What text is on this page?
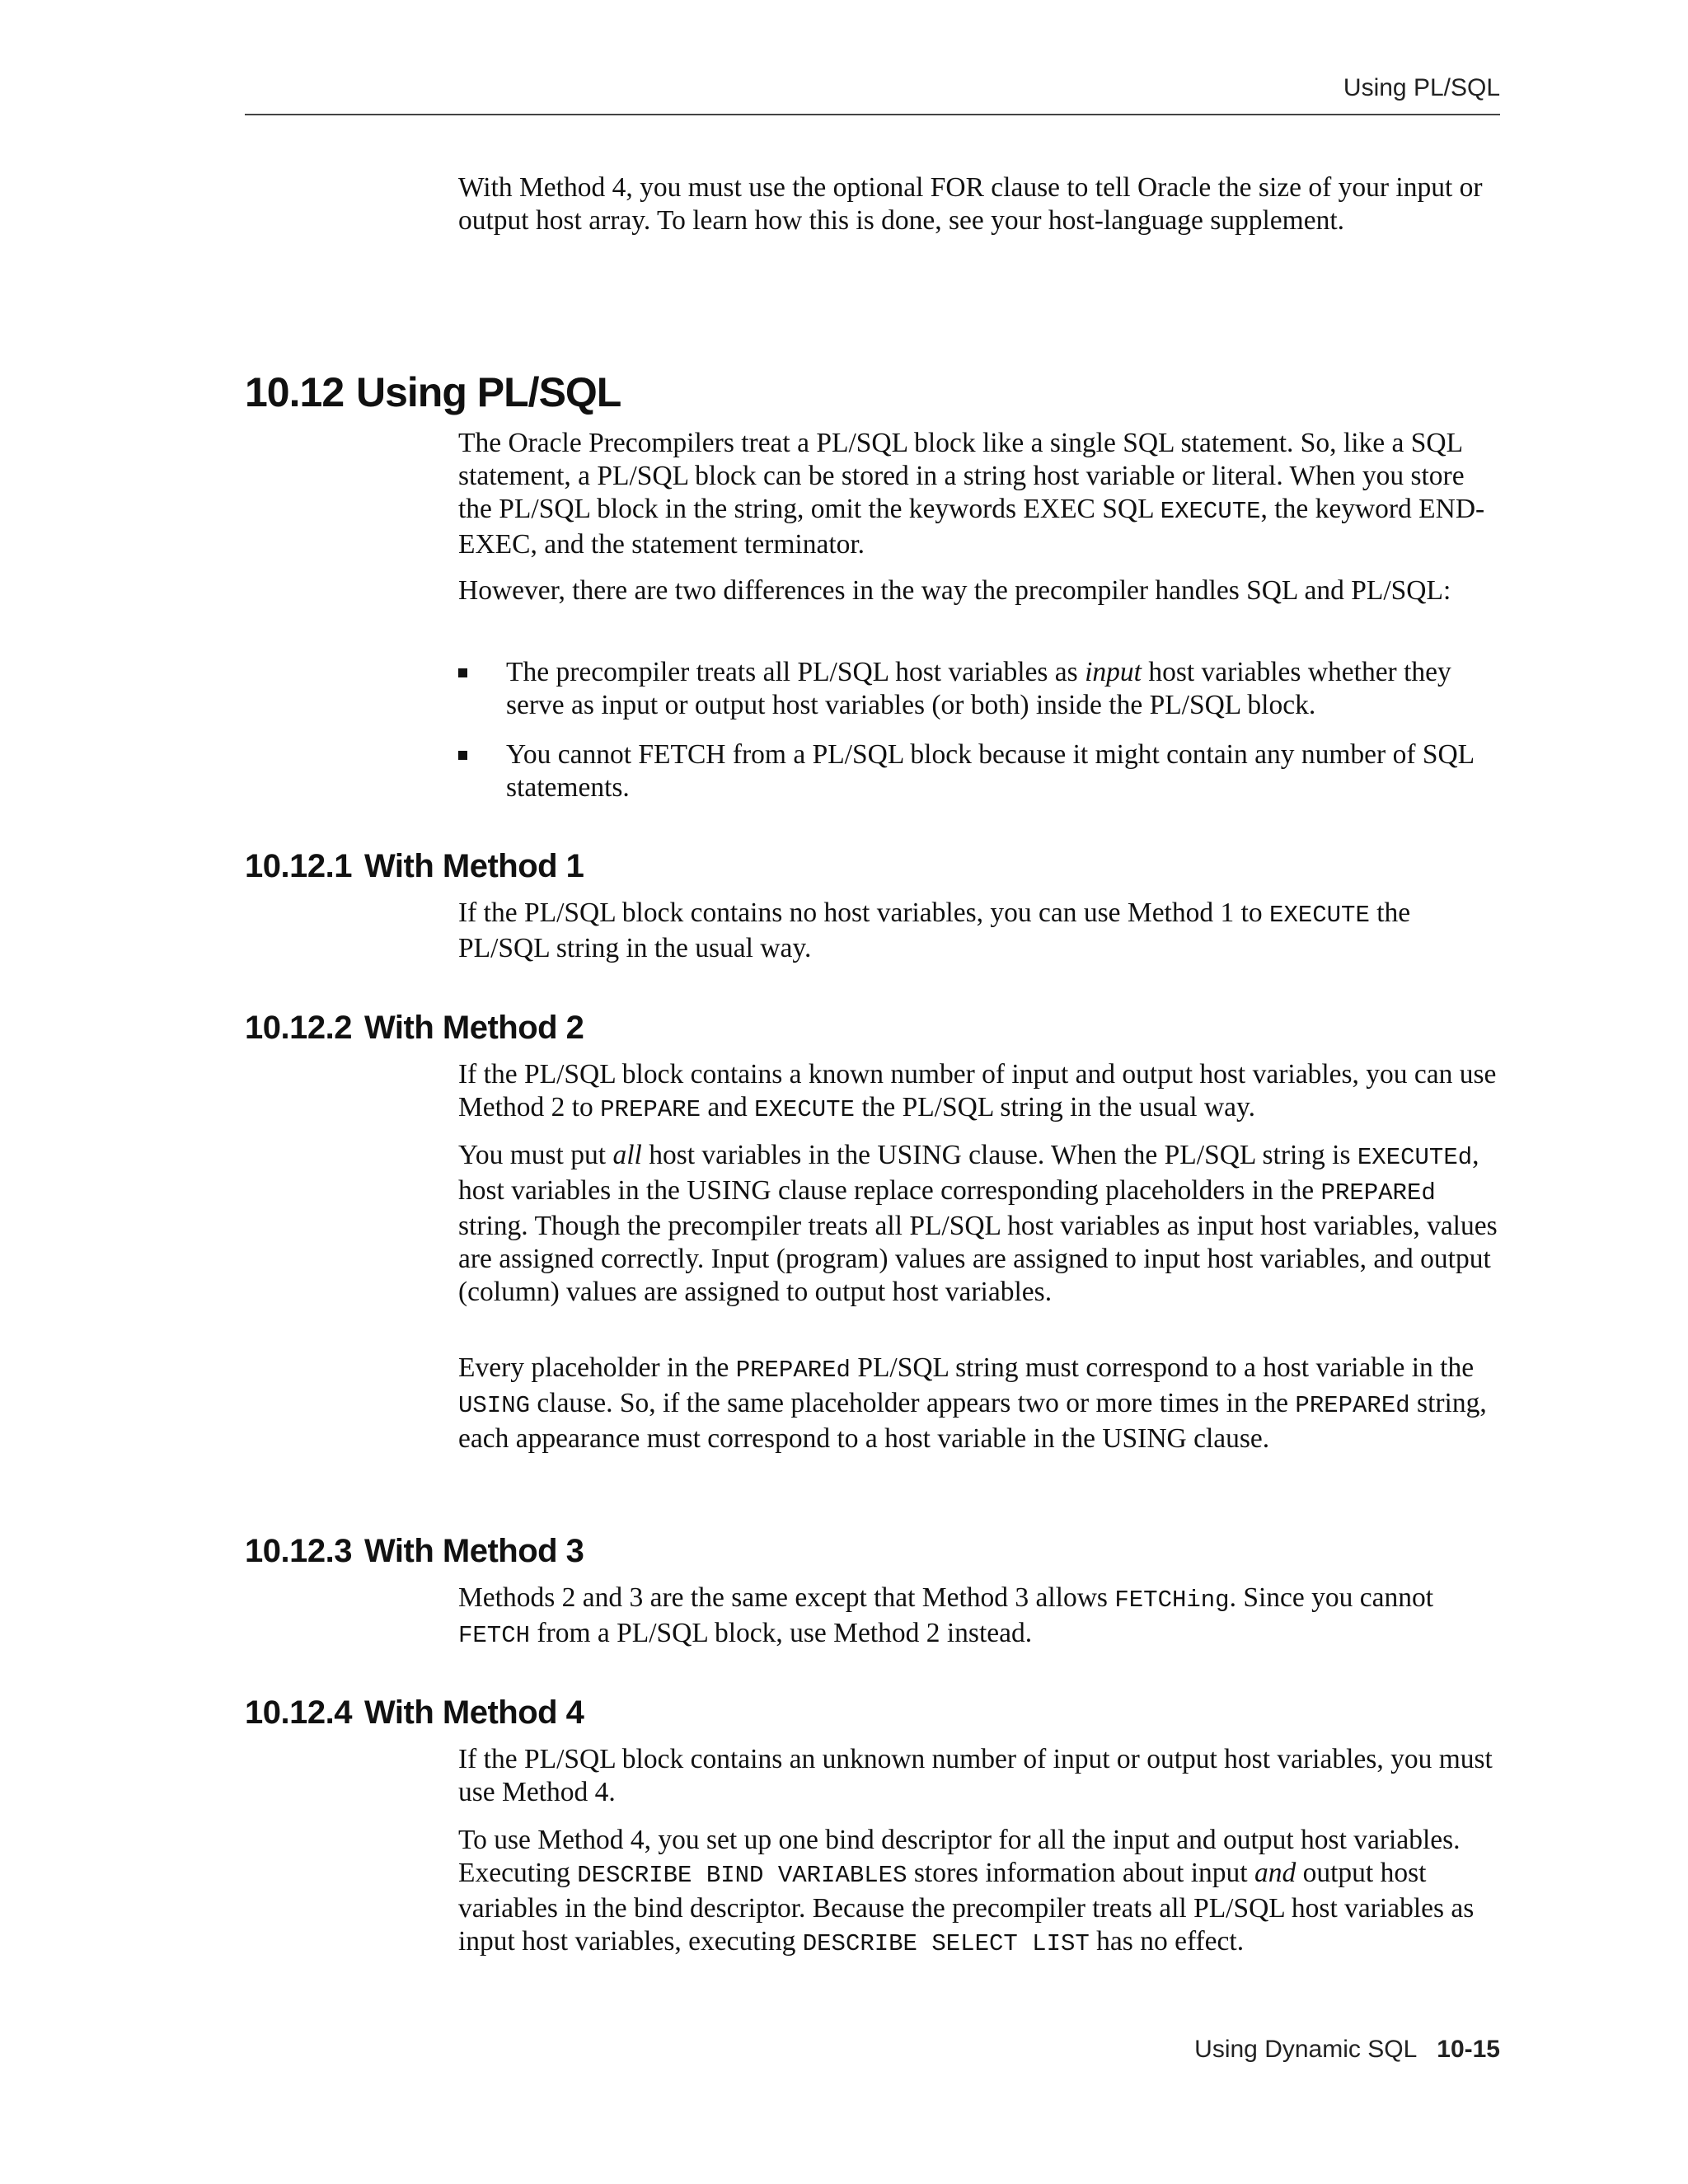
Using PL/SQL

With Method 4, you must use the optional FOR clause to tell Oracle the size of your input or output host array. To learn how this is done, see your host-language supplement.

10.12 Using PL/SQL

The Oracle Precompilers treat a PL/SQL block like a single SQL statement. So, like a SQL statement, a PL/SQL block can be stored in a string host variable or literal. When you store the PL/SQL block in the string, omit the keywords EXEC SQL EXECUTE, the keyword END-EXEC, and the statement terminator.

However, there are two differences in the way the precompiler handles SQL and PL/SQL:

The precompiler treats all PL/SQL host variables as input host variables whether they serve as input or output host variables (or both) inside the PL/SQL block.
You cannot FETCH from a PL/SQL block because it might contain any number of SQL statements.
10.12.1 With Method 1

If the PL/SQL block contains no host variables, you can use Method 1 to EXECUTE the PL/SQL string in the usual way.

10.12.2 With Method 2

If the PL/SQL block contains a known number of input and output host variables, you can use Method 2 to PREPARE and EXECUTE the PL/SQL string in the usual way.

You must put all host variables in the USING clause. When the PL/SQL string is EXECUTEd, host variables in the USING clause replace corresponding placeholders in the PREPAREd string. Though the precompiler treats all PL/SQL host variables as input host variables, values are assigned correctly. Input (program) values are assigned to input host variables, and output (column) values are assigned to output host variables.

Every placeholder in the PREPAREd PL/SQL string must correspond to a host variable in the USING clause. So, if the same placeholder appears two or more times in the PREPAREd string, each appearance must correspond to a host variable in the USING clause.

10.12.3 With Method 3

Methods 2 and 3 are the same except that Method 3 allows FETCHing. Since you cannot FETCH from a PL/SQL block, use Method 2 instead.

10.12.4 With Method 4

If the PL/SQL block contains an unknown number of input or output host variables, you must use Method 4.

To use Method 4, you set up one bind descriptor for all the input and output host variables. Executing DESCRIBE BIND VARIABLES stores information about input and output host variables in the bind descriptor. Because the precompiler treats all PL/SQL host variables as input host variables, executing DESCRIBE SELECT LIST has no effect.

Using Dynamic SQL 10-15
